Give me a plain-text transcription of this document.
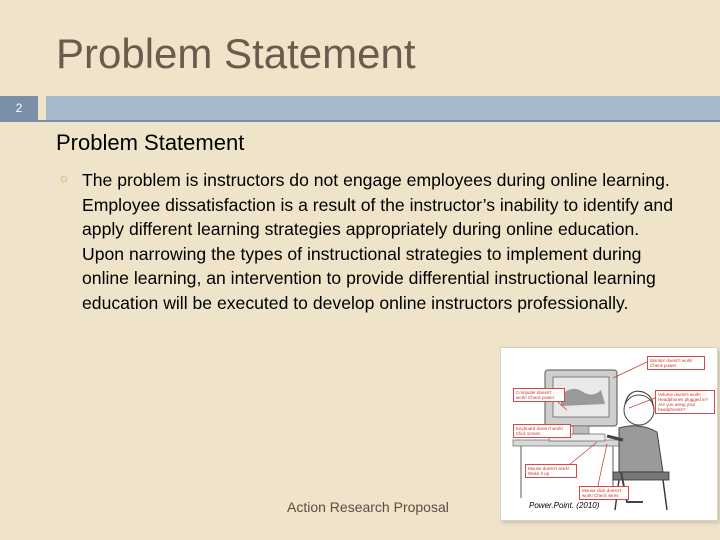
Problem Statement
2
Problem Statement
☼ The problem is instructors do not engage employees during online learning. Employee dissatisfaction is a result of the instructor’s inability to identify and apply different learning strategies appropriately during online education. Upon narrowing the types of instructional strategies to implement during online learning, an intervention to provide differential instructional learning education will be executed to develop online instructors professionally.
Monitor doesn't work! Check power
Computer doesn't work! Check power
Volume doesn't work! Headphones plugged in? Are you using your headphones?
Keyboard doesn't work! Click screen
Mouse doesn't work! Wake it up
Mouse click doesn't work! Check wires
Power.Point. (2010)
Action Research Proposal
